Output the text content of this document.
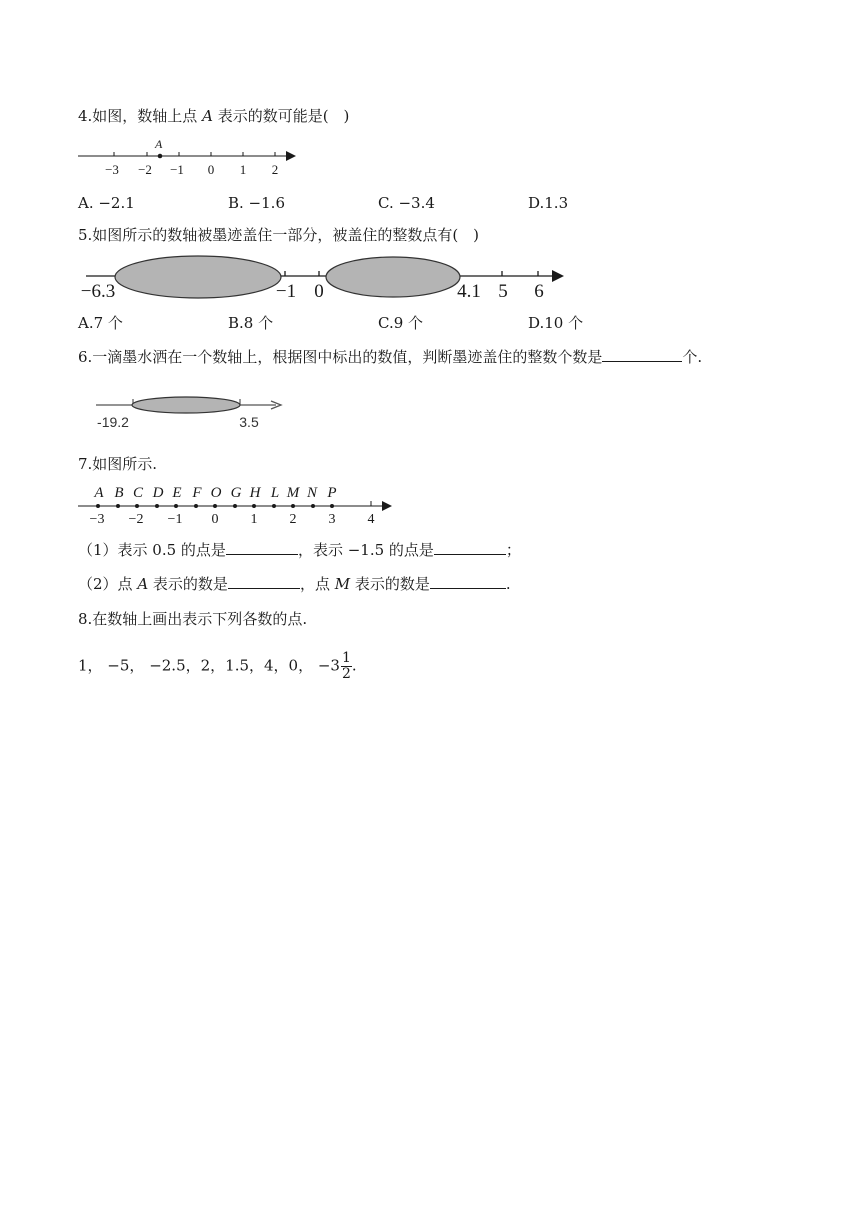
4.如图，数轴上点 A 表示的数可能是(　)
A
−3 −2 −1 0 1 2
−6.3	−1 0	4.1 5 6
-19.2	3.5
A B C D E F O G H L M N P
−3 −2 −1 0 1 2 3 4
A. −2.1	B. −1.6	C. −3.4	D.1.3
5.如图所示的数轴被墨迹盖住一部分，被盖住的整数点有(　)
A.7 个	B.8 个	C.9 个	D.10 个
6.一滴墨水洒在一个数轴上，根据图中标出的数值，判断墨迹盖住的整数个数是	个.
7.如图所示.
（1）表示 0.5 的点是	，表示 −1.5 的点是	；
（2）点 A 表示的数是	，点 M 表示的数是	.
8.在数轴上画出表示下列各数的点.
1， −5， −2.5，2，1.5，4，0， $-3 \frac{1}{2}$ .
